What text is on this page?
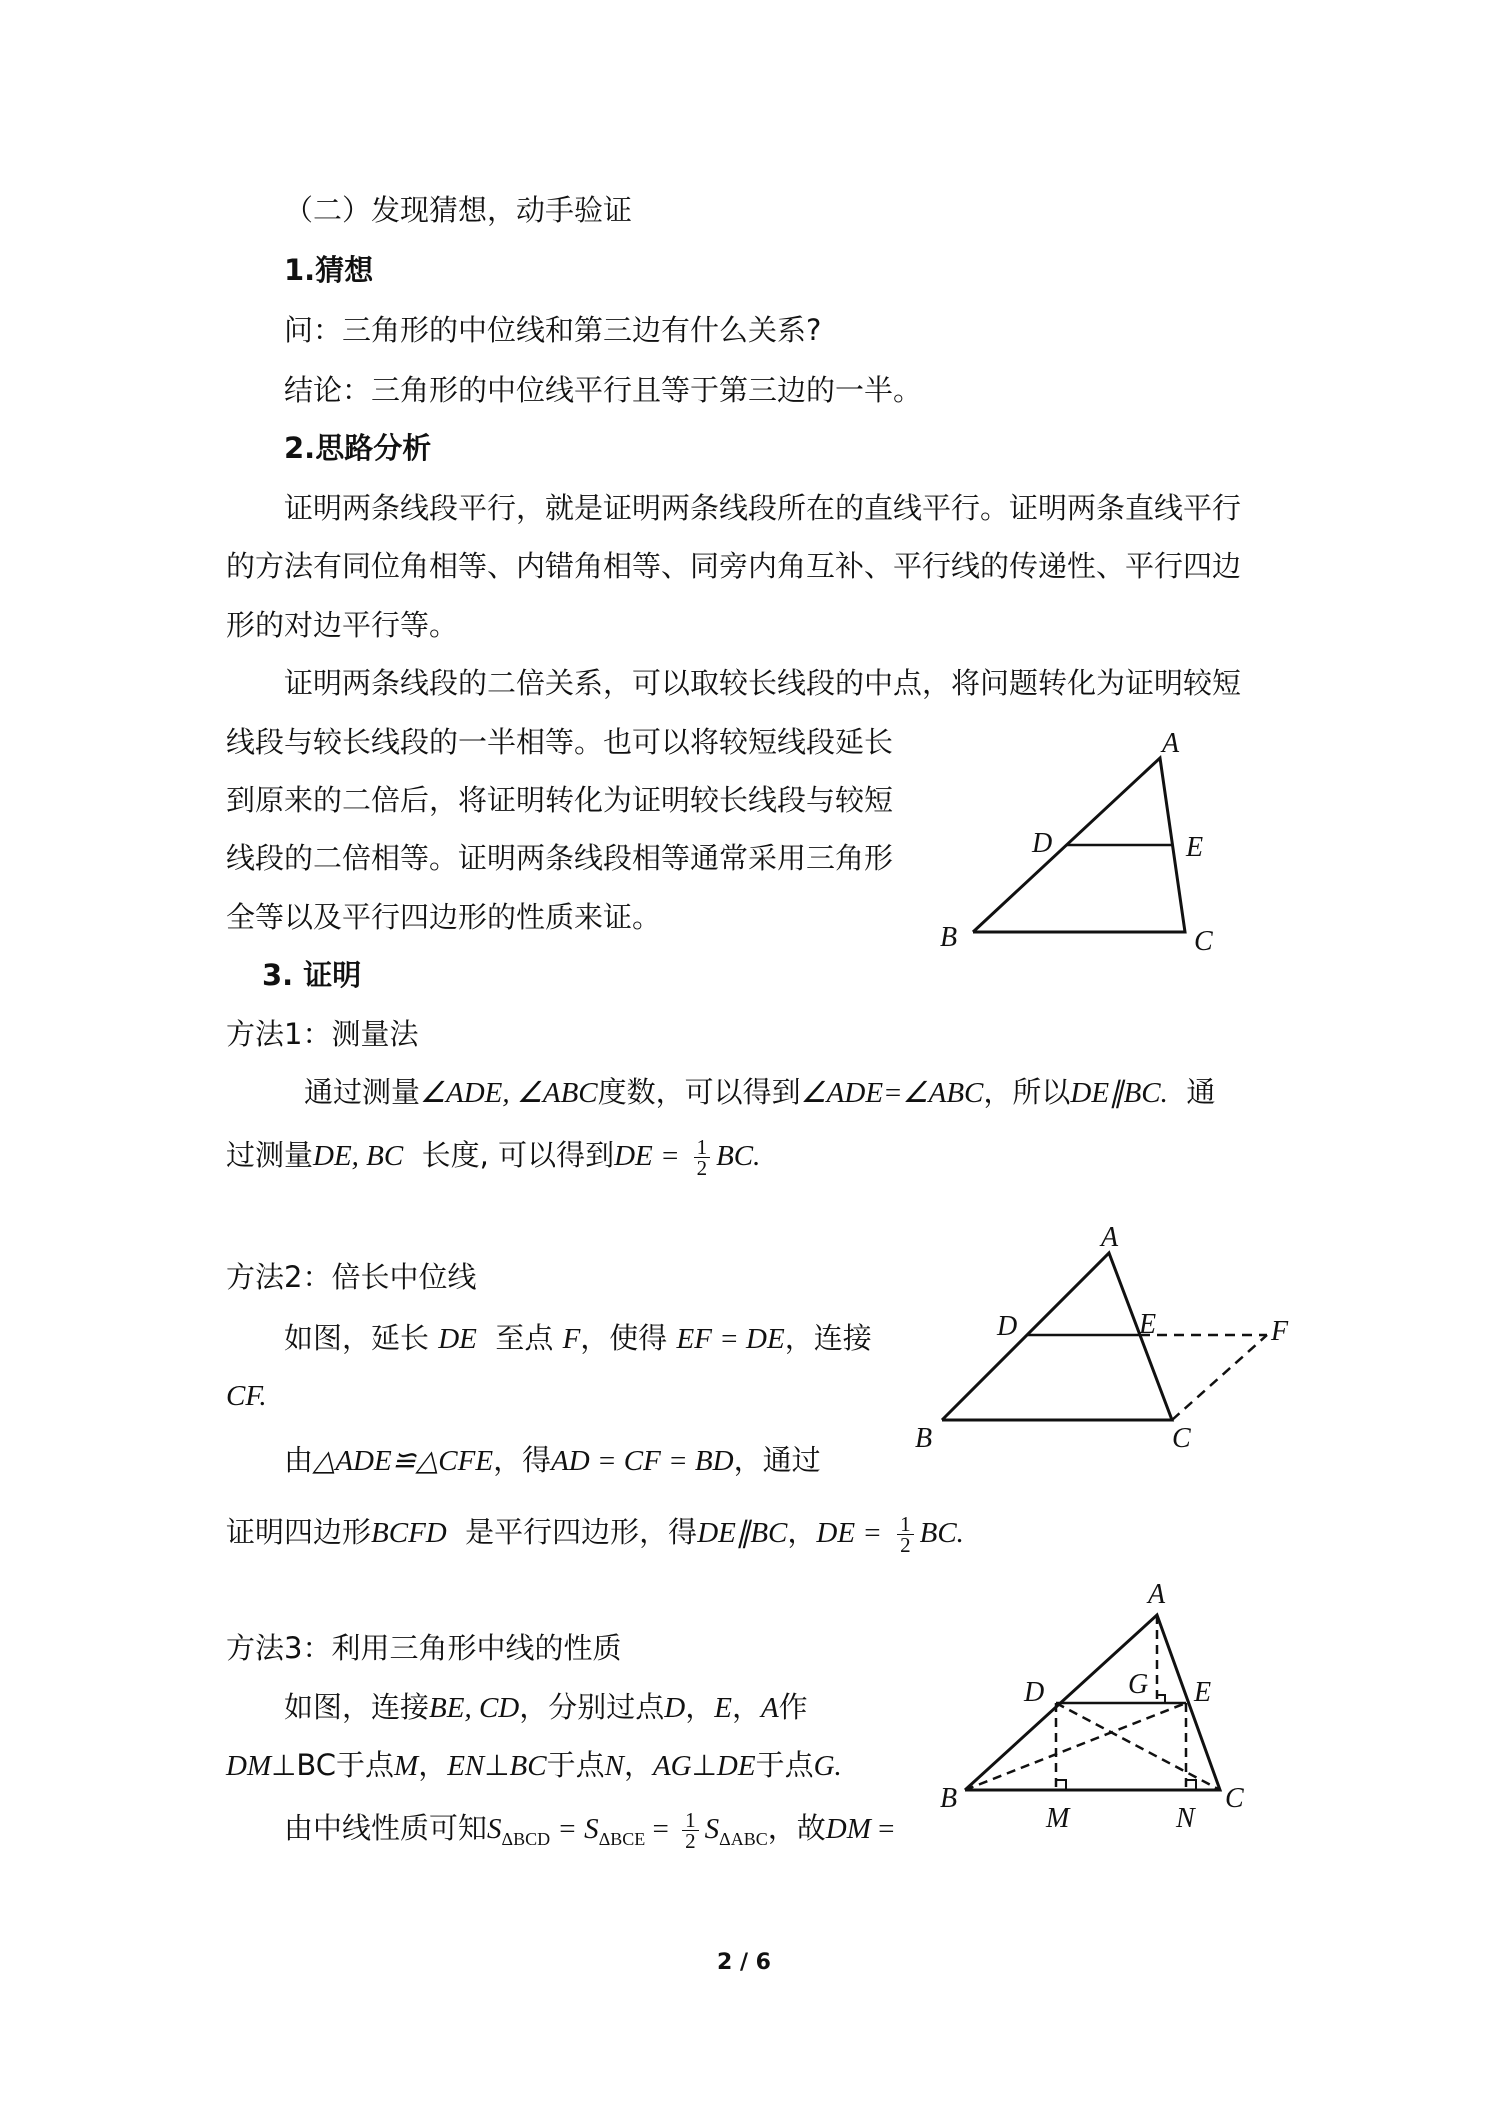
（二）发现猜想，动手验证
1.猜想
问：三角形的中位线和第三边有什么关系?
结论：三角形的中位线平行且等于第三边的一半。
2.思路分析
证明两条线段平行，就是证明两条线段所在的直线平行。证明两条直线平行
的方法有同位角相等、内错角相等、同旁内角互补、平行线的传递性、平行四边
形的对边平行等。
证明两条线段的二倍关系，可以取较长线段的中点，将问题转化为证明较短
线段与较长线段的一半相等。也可以将较短线段延长
到原来的二倍后，将证明转化为证明较长线段与较短
线段的二倍相等。证明两条线段相等通常采用三角形
全等以及平行四边形的性质来证。
A
B	C
D	E
3. 证明
方法1：测量法
通过测量∠ADE, ∠ABC度数，可以得到∠ADE=∠ABC，所以DE∥BC. 通
过测量DE, BC 长度, 可以得到DE = $\frac{1}{2}$ BC.
方法2：倍长中位线
如图，延长 DE 至点 F，使得 EF = DE，连接
CF.
由△ADE≌△CFE，得AD = CF = BD，通过
证明四边形BCFD 是平行四边形，得DE∥BC，DE = $\frac{1}{2}$ BC.
A
B	C
D	E	F
方法3：利用三角形中线的性质
如图，连接BE, CD，分别过点D，E，A作
DM⊥BC于点M，EN⊥BC于点N，AG⊥DE于点G.
由中线性质可知$S_{\Delta BCD} = S_{\Delta BCE} = \frac{1}{2} S_{\Delta ABC}$，故DM =
A
B	C
D	E
G
M	N
2 / 6
